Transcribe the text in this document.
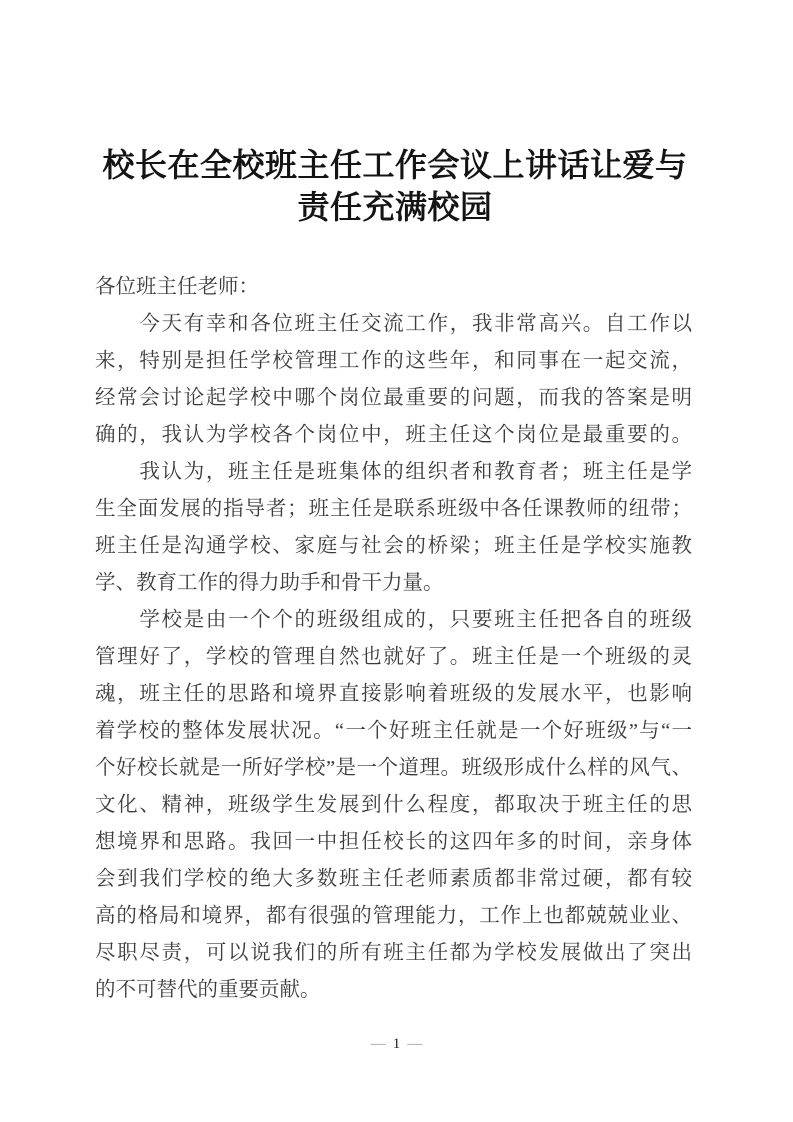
校长在全校班主任工作会议上讲话让爱与
责任充满校园
各位班主任老师：
　　今天有幸和各位班主任交流工作，我非常高兴。自工作以
来，特别是担任学校管理工作的这些年，和同事在一起交流，
经常会讨论起学校中哪个岗位最重要的问题，而我的答案是明
确的，我认为学校各个岗位中，班主任这个岗位是最重要的。
　　我认为，班主任是班集体的组织者和教育者；班主任是学
生全面发展的指导者；班主任是联系班级中各任课教师的纽带；
班主任是沟通学校、家庭与社会的桥梁；班主任是学校实施教
学、教育工作的得力助手和骨干力量。
　　学校是由一个个的班级组成的，只要班主任把各自的班级
管理好了，学校的管理自然也就好了。班主任是一个班级的灵
魂，班主任的思路和境界直接影响着班级的发展水平，也影响
着学校的整体发展状况。“一个好班主任就是一个好班级”与“一
个好校长就是一所好学校”是一个道理。班级形成什么样的风气、
文化、精神，班级学生发展到什么程度，都取决于班主任的思
想境界和思路。我回一中担任校长的这四年多的时间，亲身体
会到我们学校的绝大多数班主任老师素质都非常过硬，都有较
高的格局和境界，都有很强的管理能力，工作上也都兢兢业业、
尽职尽责，可以说我们的所有班主任都为学校发展做出了突出
的不可替代的重要贡献。
— 1 —
